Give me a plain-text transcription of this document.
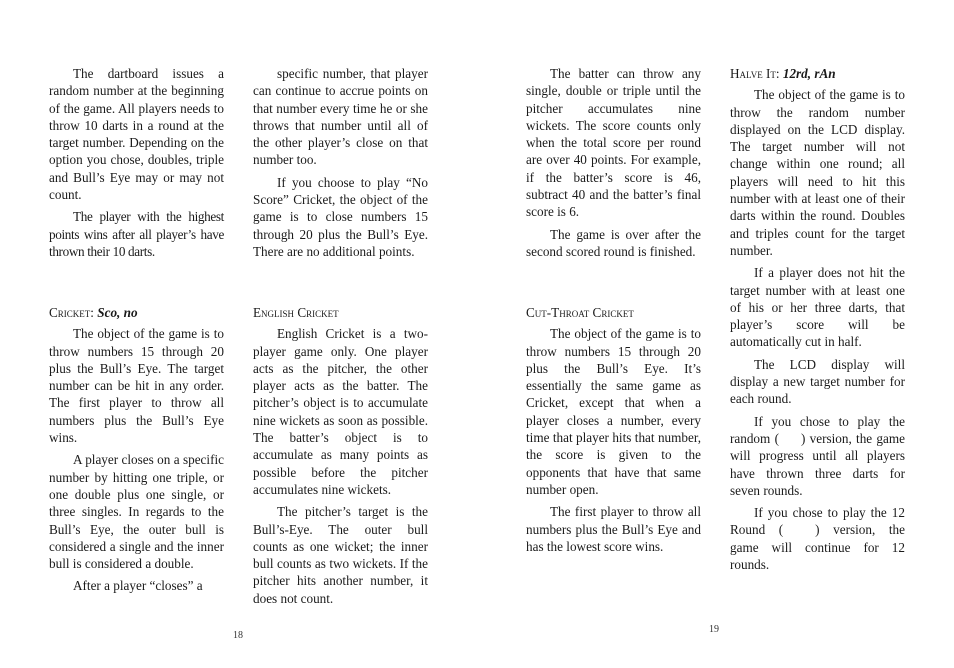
The dartboard issues a random number at the beginning of the game. All players needs to throw 10 darts in a round at the target number. Depending on the option you chose, doubles, triple and Bull’s Eye may or may not count.

The player with the highest points wins after all player’s have thrown their 10 darts.

Cricket: Sco, no

The object of the game is to throw numbers 15 through 20 plus the Bull’s Eye. The target number can be hit in any order. The first player to throw all numbers plus the Bull’s Eye wins.

A player closes on a specific number by hitting one triple, or one double plus one single, or three singles. In regards to the Bull’s Eye, the outer bull is considered a single and the inner bull is considered a double.

After a player “closes” a

specific number, that player can continue to accrue points on that number every time he or she throws that number until all of the other player’s close on that number too.

If you choose to play “No Score” Cricket, the object of the game is to close numbers 15 through 20 plus the Bull’s Eye. There are no additional points.

English Cricket

English Cricket is a two-player game only. One player acts as the pitcher, the other player acts as the batter. The pitcher’s object is to accumulate nine wickets as soon as possible. The batter’s object is to accumulate as many points as possible before the pitcher accumulates nine wickets.

The pitcher’s target is the Bull’s-Eye. The outer bull counts as one wicket; the inner bull counts as two wickets. If the pitcher hits another number, it does not count.

18

The batter can throw any single, double or triple until the pitcher accumulates nine wickets. The score counts only when the total score per round are over 40 points. For example, if the batter’s score is 46, subtract 40 and the batter’s final score is 6.

The game is over after the second scored round is finished.

Cut-Throat Cricket

The object of the game is to throw numbers 15 through 20 plus the Bull’s Eye. It’s essentially the same game as Cricket, except that when a player closes a number, every time that player hits that number, the score is given to the opponents that have that same number open.

The first player to throw all numbers plus the Bull’s Eye and has the lowest score wins.

Halve It: 12rd, rAn

The object of the game is to throw the random number displayed on the LCD display. The target number will not change within one round; all players will need to hit this number with at least one of their darts within the round. Doubles and triples count for the target number.

If a player does not hit the target number with at least one of his or her three darts, that player’s score will be automatically cut in half.

The LCD display will display a new target number for each round.

If you chose to play the random ( ) version, the game will progress until all players have thrown three darts for seven rounds.

If you chose to play the 12 Round ( ) version, the game will continue for 12 rounds.

19
